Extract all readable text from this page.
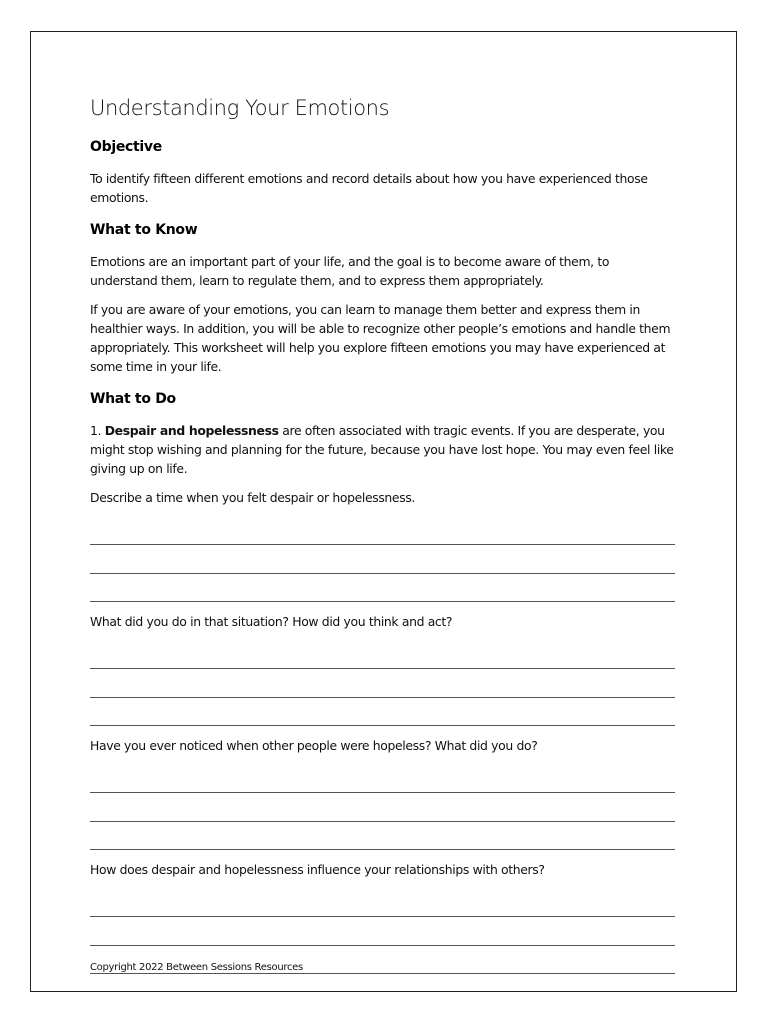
Understanding Your Emotions
Objective

To identify fifteen different emotions and record details about how you have experienced those emotions.

What to Know

Emotions are an important part of your life, and the goal is to become aware of them, to understand them, learn to regulate them, and to express them appropriately.

If you are aware of your emotions, you can learn to manage them better and express them in healthier ways. In addition, you will be able to recognize other people’s emotions and handle them appropriately. This worksheet will help you explore fifteen emotions you may have experienced at some time in your life.

What to Do

1. Despair and hopelessness are often associated with tragic events. If you are desperate, you might stop wishing and planning for the future, because you have lost hope. You may even feel like giving up on life.

Describe a time when you felt despair or hopelessness.

What did you do in that situation? How did you think and act?

Have you ever noticed when other people were hopeless? What did you do?

How does despair and hopelessness influence your relationships with others?

Copyright 2022 Between Sessions Resources
